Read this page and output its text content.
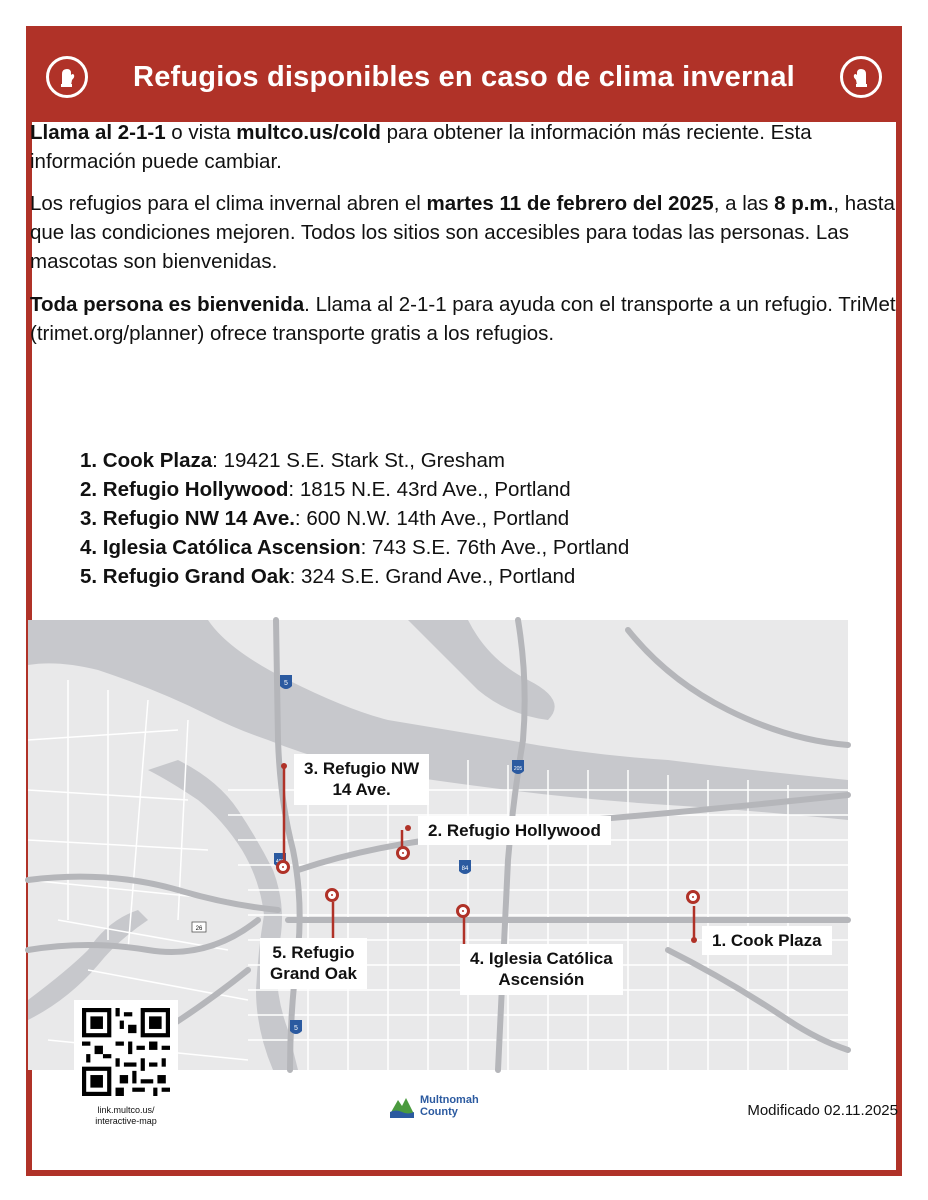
Refugios disponibles en caso de clima invernal

Llama al 2-1-1 o vista multco.us/cold para obtener la información más reciente. Esta información puede cambiar.

Los refugios para el clima invernal abren el martes 11 de febrero del 2025, a las 8 p.m., hasta que las condiciones mejoren. Todos los sitios son accesibles para todas las personas. Las mascotas son bienvenidas.

Toda persona es bienvenida. Llama al 2-1-1 para ayuda con el transporte a un refugio. TriMet (trimet.org/planner) ofrece transporte gratis a los refugios.

1. Cook Plaza: 19421 S.E. Stark St., Gresham
2. Refugio Hollywood: 1815 N.E. 43rd Ave., Portland
3. Refugio NW 14 Ave.: 600 N.W. 14th Ave., Portland
4. Iglesia Católica Ascension: 743 S.E. 76th Ave., Portland
5. Refugio Grand Oak: 324 S.E. Grand Ave., Portland
5
205
84
26
5
3. Refugio NW
14 Ave.
2. Refugio Hollywood
5. Refugio
Grand Oak
4. Iglesia Católica
Ascensión
1. Cook Plaza
link.multco.us/
interactive-map
Multnomah
County	Modificado 02.11.2025
